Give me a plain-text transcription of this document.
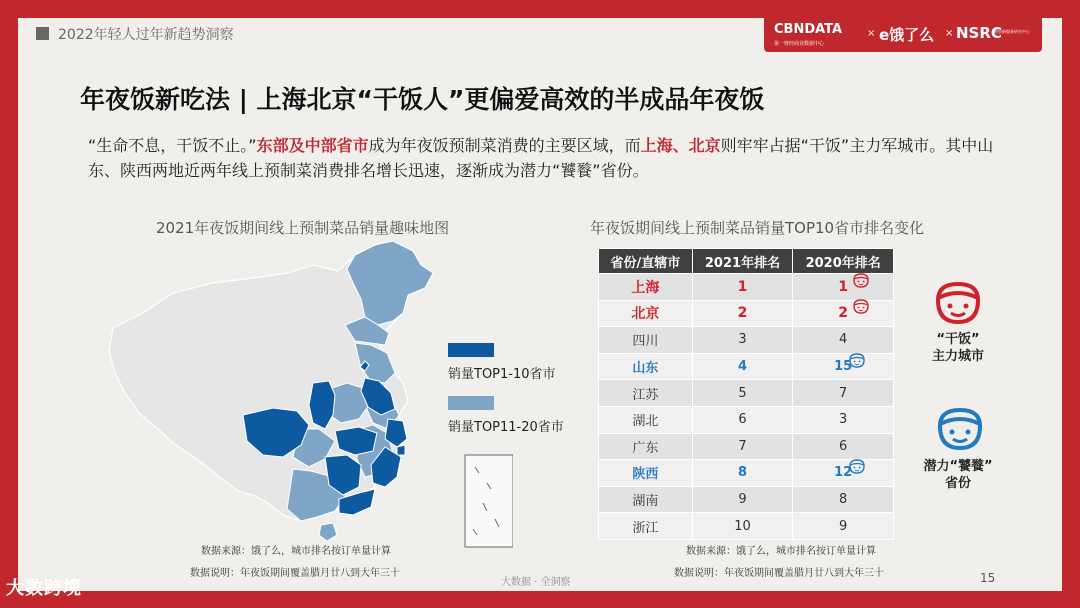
2022年轻人过年新趋势洞察	CBNDATA
第一财经商业数据中心
× e饿了么 × NSRC
阿里新服务研究中心
年夜饭新吃法 | 上海北京“干饭人”更偏爱高效的半成品年夜饭
“生命不息，干饭不止。”东部及中部省市成为年夜饭预制菜消费的主要区域，而上海、北京则牢牢占据“干饭”主力军城市。其中山东、陕西两地近两年线上预制菜消费排名增长迅速，逐渐成为潜力“饕餮”省份。
2021年夜饭期间线上预制菜品销量趣味地图
销量TOP1-10省市
销量TOP11-20省市
数据来源：饿了么，城市排名按订单量计算
数据说明：年夜饭期间覆盖腊月廿八到大年三十
年夜饭期间线上预制菜品销量TOP10省市排名变化
省份/直辖市	2021年排名	2020年排名
上海	1	1

北京	2	2

四川	3	4
山东	4	15

江苏	5	7
湖北	6	3
广东	7	6
陕西	8	12

湖南	9	8
浙江	10	9
“干饭”
主力城市
潜力“饕餮”
省份
数据来源：饿了么，城市排名按订单量计算
数据说明：年夜饭期间覆盖腊月廿八到大年三十
大数据 · 全洞察	15
大数跨境
